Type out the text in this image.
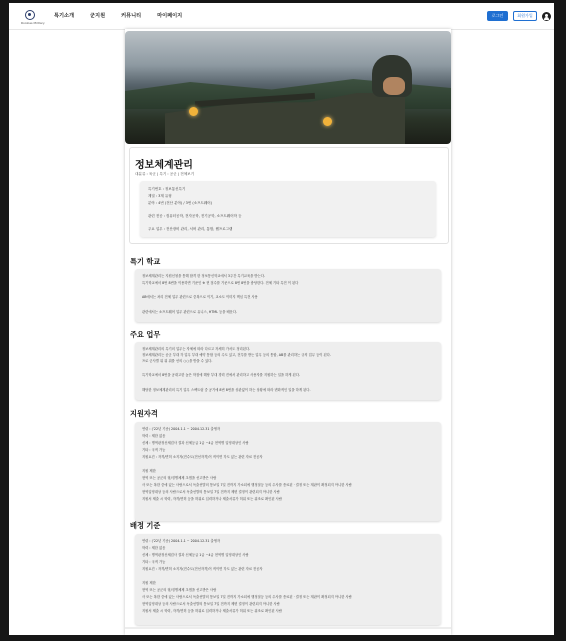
Rookies Military
특기소개	군지원	커뮤니티	마이페이지	로그인	회원가입
정보체계관리
대분류 : 육군 | 특기 : 공군 | 전체보기
특기번호 : 정보통신특기
계열 : 3계 유형
분야 : 4번 (전산 분야) / 3번 (소프트웨어)
관련 전공 : 컴퓨터공학, 전자공학, 전기공학, 소프트웨어학 등
주요 업무 : 전산장비 관리, 서버 관리, 통합, 웹프로그램
특기 학교
정보체계관리는 지원신청을 통해 합격 한 정보통신학교에서 3주간 특기교육을 받는다.
특기학교에서 8번 8번을 이용하면 기준인 ※ 현 점수를 기준으로 8번 8번을 충당한다. 전체 기타 특전 이 된다
AB에서는 처리 전체 업무 관련으로 중복으로 이기, 교소도 이미지 핵심 특전 사용
관련에서는 소프트웨어 업무 관련으로 유니스, HTML 등을 배운다.
주요 업무
정보체계관리의 특기의 업무는 자체에 따라 다르고 자세히 가서도 정리된다.
정보체계관리는 공군 부대 각 업무 부대 예약 통합 등의 수도 있고, 전투를 받는 업무 등의 통합, AB를 관리하는 규칙 업무 등이 된다.
프로 군사별 위 위 위를 선의 ○○을 받을 수 있다.
특기학교에서 8번을 공대고한 높은 학점에 해당 부대 경력 진에서 관리하고 사용자를 지원하는 일을 하게 된다.
해당한 정보체계관리의 특기 업무 스펙트럼 중 공기에 8번 8번을 상관없이 하는 상황에 따라 변화적인 일을 하게 된다.
지원자격
연령 : (’22년 기준) 2004.1.1 ~ 2004.12.31 출생자
학력 : 제한 없음
신체 : 병역판정신체검사 결과 신체등급 1급 ~4급 현역병 입영대상인 사람
기타 : 국적 가능
지원요건 : 자격/면허 소지자(전수도(전선자격)이 적이면 각도 있는 관련 자료 전공자
지원 제한
현역 또는 공군의 형/징병체제 초범을 선고받은 사람
사 또는 복한 중에 있는 사람으로서 독출선발의 통보일 7일 전까지 가소되에 행정절등 등의 수사를 종료된 · 결정 또는 재판이 확정되지 아니한 사람
현역입영대상 등의 사람으로서 독출선발의 통보일 7일 전까지 제변 결정이 관련되지 아니한 사람
지원서 제출 시 학력, 자격/면허 등을 허위로 입력하거나 제출서류가 허위 또는 위조로 확인된 사람
배정 기준
연령 : (’22년 기준) 2004.1.1 ~ 2004.12.31 출생자
학력 : 제한 없음
신체 : 병역판정신체검사 결과 신체등급 1급 ~4급 현역병 입영대상인 사람
기타 : 국적 가능
지원요건 : 자격/면허 소지자(전수도(전선자격)이 적이면 각도 있는 관련 자료 전공자
지원 제한
현역 또는 공군의 형/징병체제 초범을 선고받은 사람
사 또는 복한 중에 있는 사람으로서 독출선발의 통보일 7일 전까지 가소되에 행정절등 등의 수사를 종료된 · 결정 또는 재판이 확정되지 아니한 사람
현역입영대상 등의 사람으로서 독출선발의 통보일 7일 전까지 제변 결정이 관련되지 아니한 사람
지원서 제출 시 학력, 자격/면허 등을 허위로 입력하거나 제출서류가 허위 또는 위조로 확인된 사람
